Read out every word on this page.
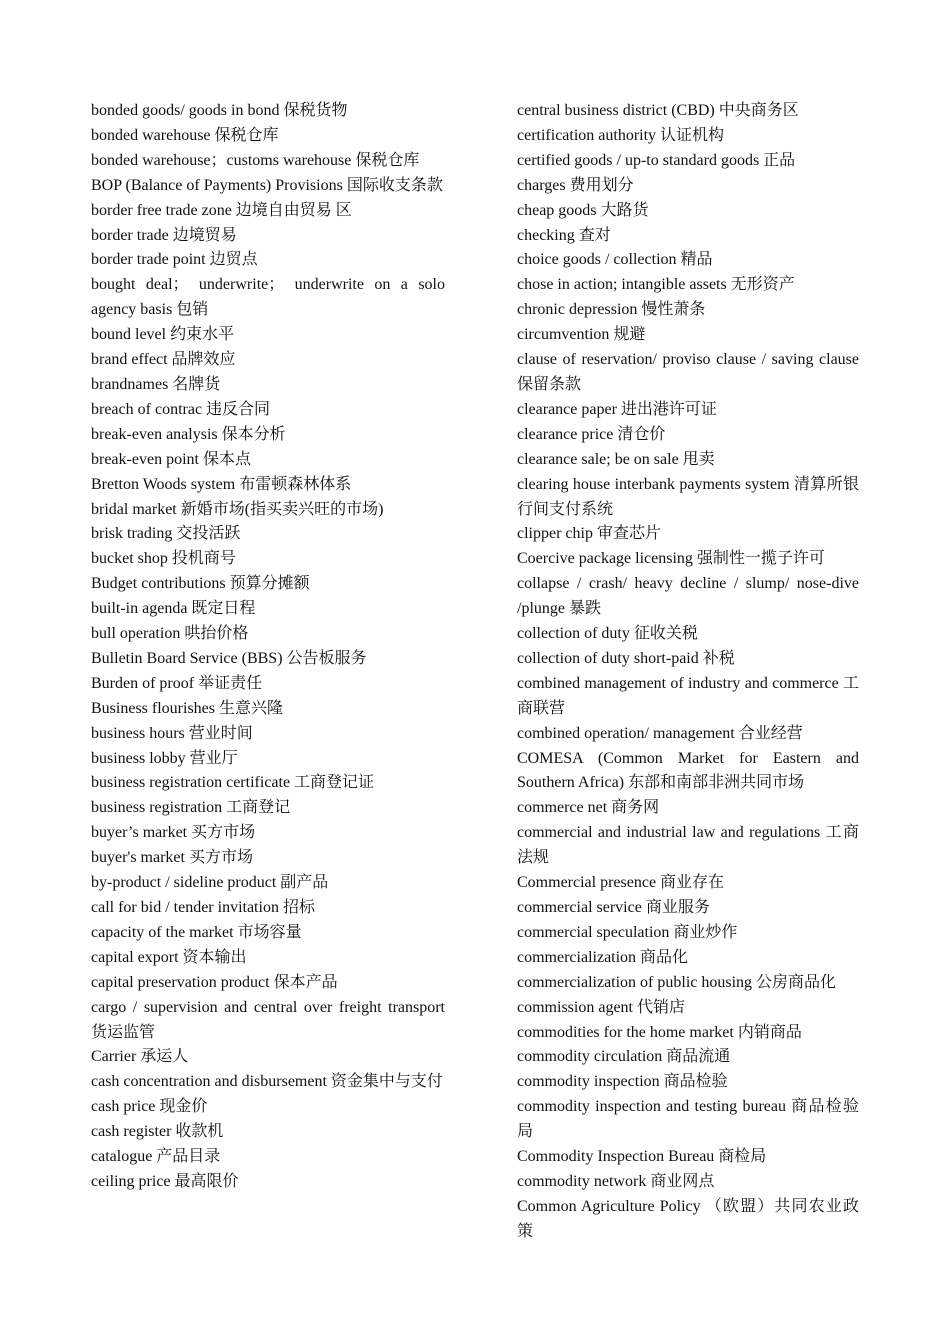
bonded goods/ goods in bond 保税货物

bonded warehouse 保税仓库

bonded warehouse；customs warehouse 保税仓库

BOP (Balance of Payments) Provisions 国际收支条款

border free trade zone 边境自由贸易 区

border trade 边境贸易

border trade point 边贸点

bought deal； underwrite； underwrite on a solo agency basis 包销

bound level 约束水平

brand effect 品牌效应

brandnames 名牌货

breach of contrac 违反合同

break-even analysis 保本分析

break-even point 保本点

Bretton Woods system 布雷顿森林体系

bridal market 新婚市场(指买卖兴旺的市场)

brisk trading 交投活跃

bucket shop 投机商号

Budget contributions 预算分摊额

built-in agenda 既定日程

bull operation 哄抬价格

Bulletin Board Service (BBS) 公告板服务

Burden of proof 举证责任

Business flourishes 生意兴隆

business hours 营业时间

business lobby 营业厅

business registration certificate 工商登记证

business registration 工商登记

buyer’s market 买方市场

buyer's market 买方市场

by-product / sideline product 副产品

call for bid / tender invitation 招标

capacity of the market 市场容量

capital export 资本输出

capital preservation product 保本产品

cargo / supervision and central over freight transport 货运监管

Carrier 承运人

cash concentration and disbursement 资金集中与支付

cash price 现金价

cash register 收款机

catalogue 产品目录

ceiling price 最高限价

central business district (CBD) 中央商务区

certification authority 认证机构

certified goods / up-to standard goods 正品

charges 费用划分

cheap goods 大路货

checking 查对

choice goods / collection 精品

chose in action; intangible assets 无形资产

chronic depression 慢性萧条

circumvention 规避

clause of reservation/ proviso clause / saving clause 保留条款

clearance paper 进出港许可证

clearance price 清仓价

clearance sale; be on sale 甩卖

clearing house interbank payments system 清算所银行间支付系统

clipper chip 审查芯片

Coercive package licensing 强制性一揽子许可

collapse / crash/ heavy decline / slump/ nose-dive /plunge 暴跌

collection of duty 征收关税

collection of duty short-paid 补税

combined management of industry and commerce 工商联营

combined operation/ management 合业经营

COMESA (Common Market for Eastern and Southern Africa) 东部和南部非洲共同市场

commerce net 商务网

commercial and industrial law and regulations 工商法规

Commercial presence 商业存在

commercial service 商业服务

commercial speculation 商业炒作

commercialization 商品化

commercialization of public housing 公房商品化

commission agent 代销店

commodities for the home market 内销商品

commodity circulation 商品流通

commodity inspection 商品检验

commodity inspection and testing bureau 商品检验局

Commodity Inspection Bureau 商检局

commodity network 商业网点

Common Agriculture Policy （欧盟）共同农业政策
